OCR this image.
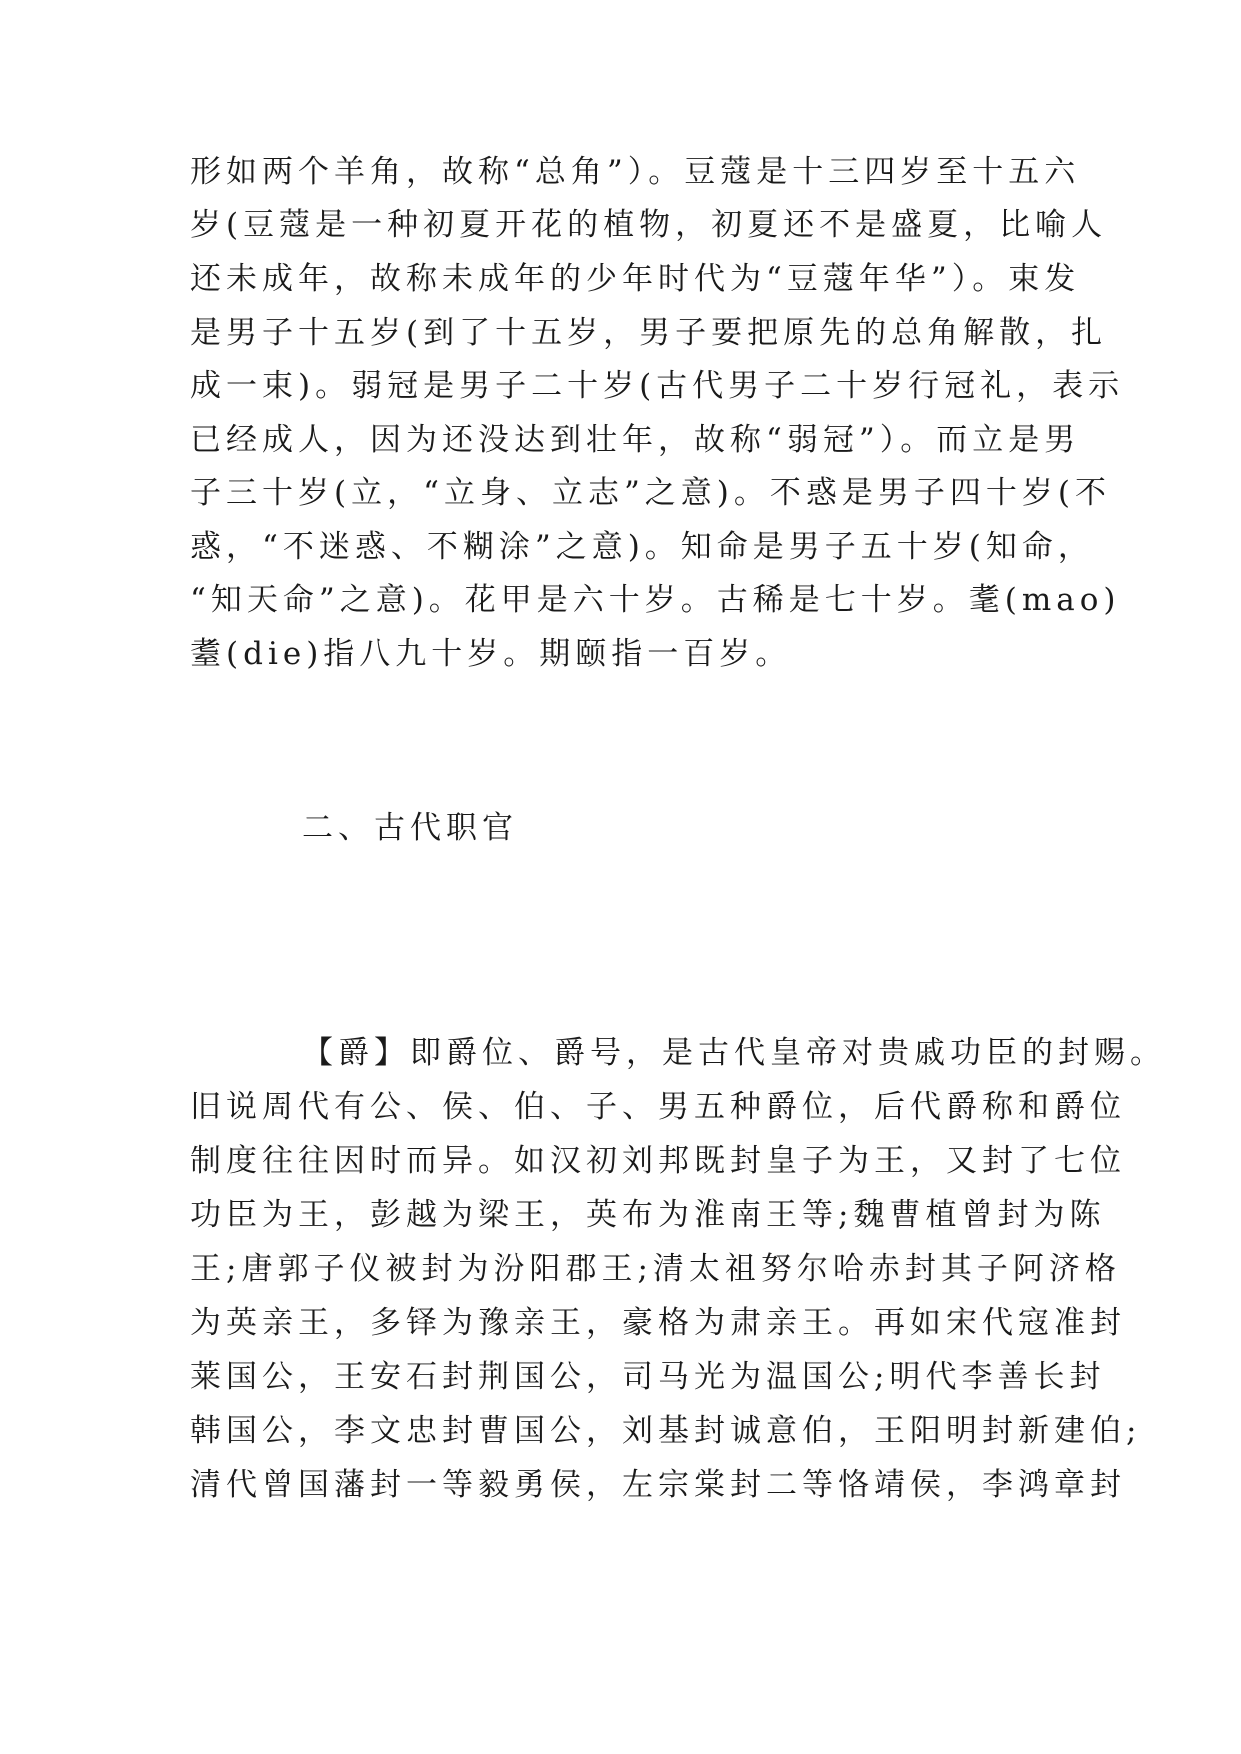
形如两个羊角，故称“总角”）。豆蔻是十三四岁至十五六
岁(豆蔻是一种初夏开花的植物，初夏还不是盛夏，比喻人
还未成年，故称未成年的少年时代为“豆蔻年华”）。束发
是男子十五岁(到了十五岁，男子要把原先的总角解散，扎
成一束)。弱冠是男子二十岁(古代男子二十岁行冠礼，表示
已经成人，因为还没达到壮年，故称“弱冠”）。而立是男
子三十岁(立，“立身、立志”之意)。不惑是男子四十岁(不
惑，“不迷惑、不糊涂”之意)。知命是男子五十岁(知命，
“知天命”之意)。花甲是六十岁。古稀是七十岁。耄(mao)
耋(die)指八九十岁。期颐指一百岁。
二、古代职官
【爵】即爵位、爵号，是古代皇帝对贵戚功臣的封赐。
旧说周代有公、侯、伯、子、男五种爵位，后代爵称和爵位
制度往往因时而异。如汉初刘邦既封皇子为王，又封了七位
功臣为王，彭越为梁王，英布为淮南王等;魏曹植曾封为陈
王;唐郭子仪被封为汾阳郡王;清太祖努尔哈赤封其子阿济格
为英亲王，多铎为豫亲王，豪格为肃亲王。再如宋代寇准封
莱国公，王安石封荆国公，司马光为温国公;明代李善长封
韩国公，李文忠封曹国公，刘基封诚意伯，王阳明封新建伯;
清代曾国藩封一等毅勇侯，左宗棠封二等恪靖侯，李鸿章封
